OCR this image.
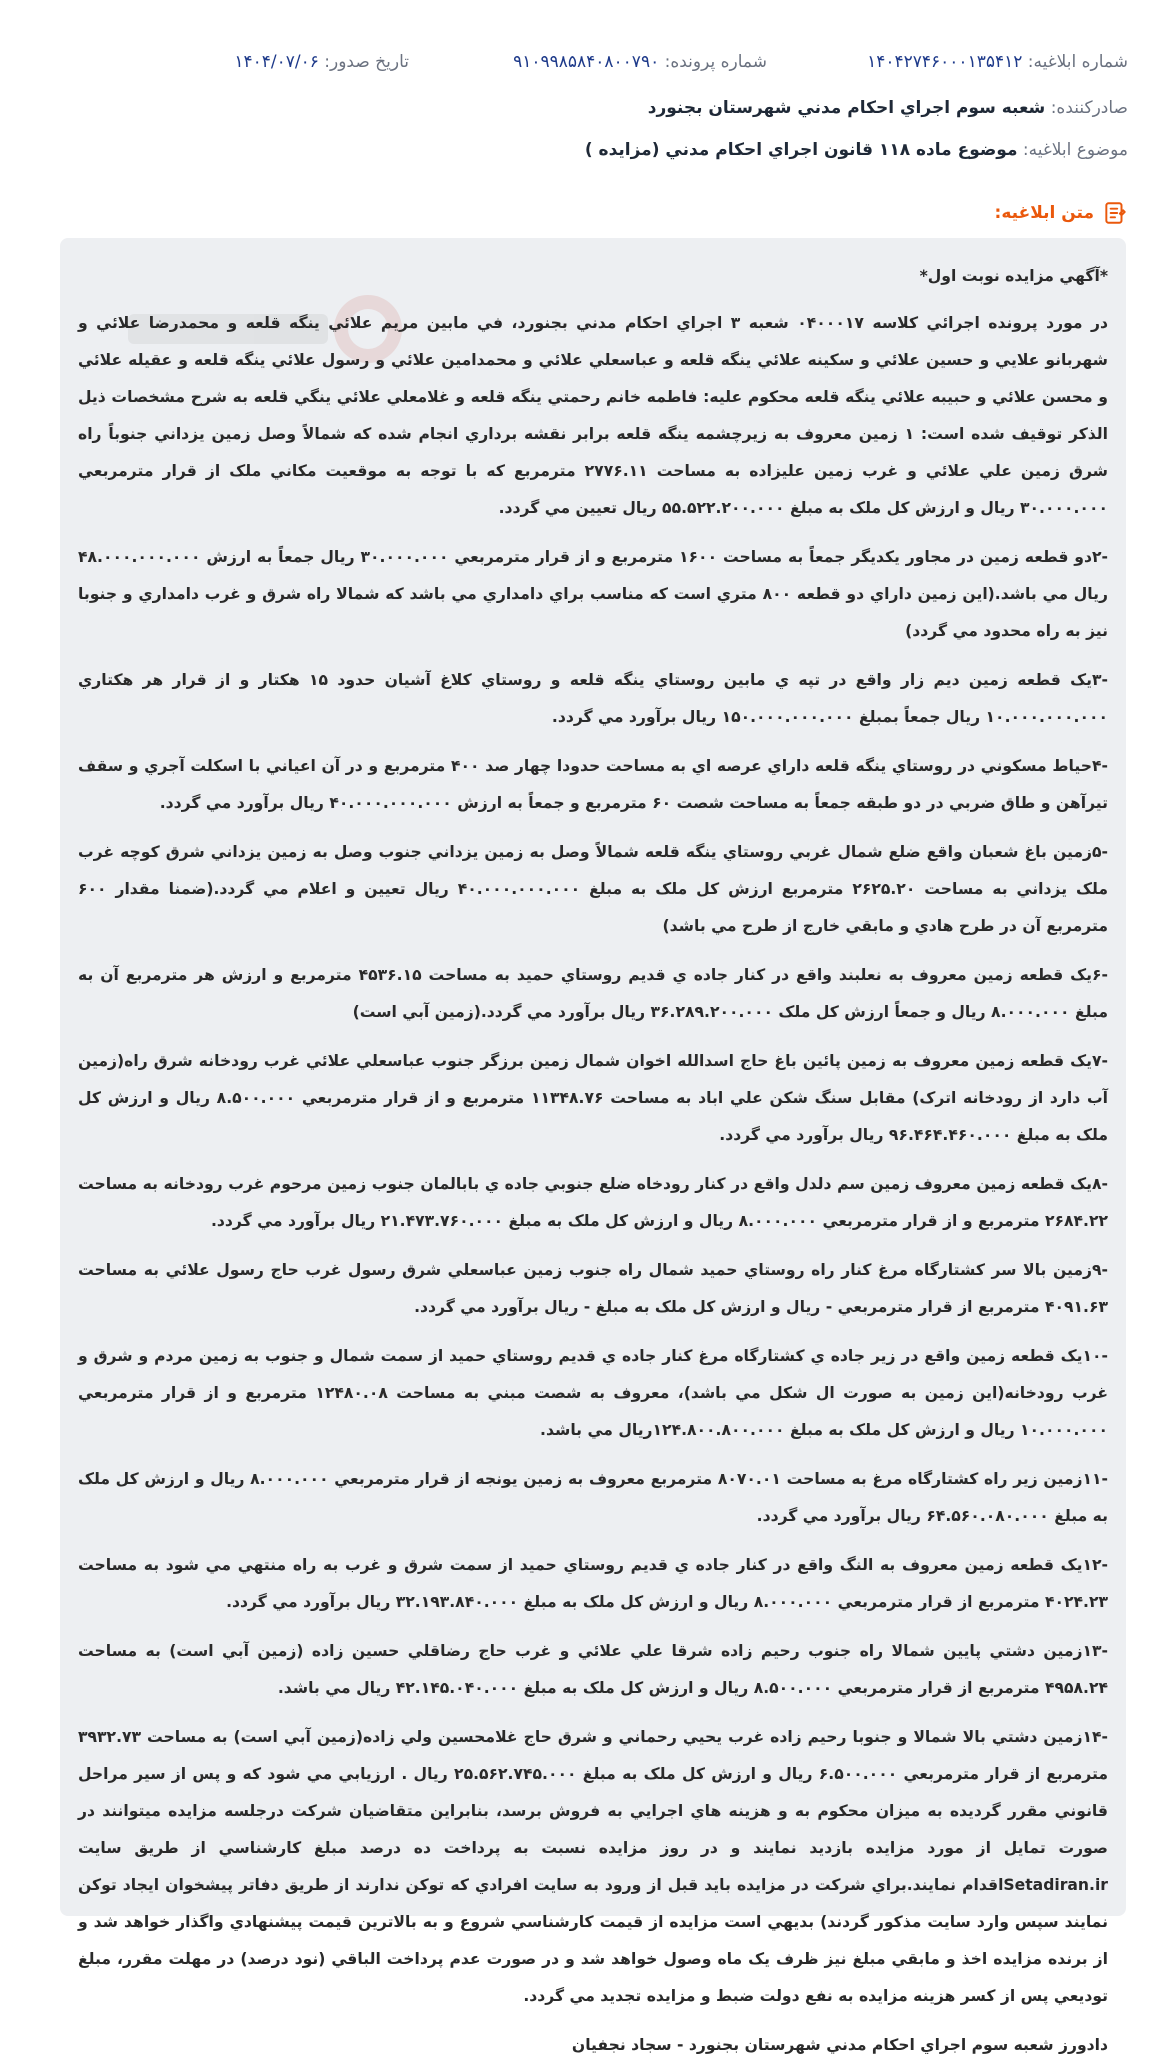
شماره ابلاغيه: ۱۴۰۴۲۷۴۶۰۰۰۱۳۵۴۱۲
شماره پرونده: ۹۱۰۹۹۸۵۸۴۰۸۰۰۷۹۰
تاريخ صدور: ۱۴۰۴/۰۷/۰۶
صادرکننده: شعبه سوم اجراي احکام مدني شهرستان بجنورد
موضوع ابلاغيه: موضوع ماده ۱۱۸ قانون اجراي احکام مدني (مزايده )
متن ابلاغيه:

*آگهي مزايده نوبت اول*

در مورد پرونده اجرائي کلاسه ۰۴۰۰۰۱۷ شعبه ۳ اجراي احکام مدني بجنورد، في مابين مريم علائي ينگه قلعه و محمدرضا علائي و شهربانو علايي و حسين علائي و سکينه علائي ينگه قلعه و عباسعلي علائي و محمدامين علائي و رسول علائي ينگه قلعه و عقيله علائي و محسن علائي و حبيبه علائي ينگه قلعه محکوم عليه: فاطمه خانم رحمتي ينگه قلعه و غلامعلي علائي ينگي قلعه به شرح مشخصات ذيل الذکر توقيف شده است: ۱ زمين معروف به زيرچشمه ينگه قلعه برابر نقشه برداري انجام شده که شمالاً وصل زمين يزداني جنوباً راه شرق زمين علي علائي و غرب زمين عليزاده به مساحت ۲۷۷۶.۱۱ مترمربع که با توجه به موقعيت مکاني ملک از قرار مترمربعي ۳۰.۰۰۰.۰۰۰ ريال و ارزش کل ملک به مبلغ ۵۵.۵۲۲.۲۰۰.۰۰۰ ريال تعيين مي گردد.

-۲دو قطعه زمين در مجاور يکديگر جمعاً به مساحت ۱۶۰۰ مترمربع و از قرار مترمربعي ۳۰.۰۰۰.۰۰۰ ريال جمعاً به ارزش ۴۸.۰۰۰.۰۰۰.۰۰۰ ريال مي باشد.(اين زمين داراي دو قطعه ۸۰۰ متري است که مناسب براي دامداري مي باشد که شمالا راه شرق و غرب دامداري و جنوبا نيز به راه محدود مي گردد)

-۳يک قطعه زمين ديم زار واقع در تپه ي مابين روستاي ينگه قلعه و روستاي کلاغ آشيان حدود ۱۵ هکتار و از قرار هر هکتاري ۱۰.۰۰۰.۰۰۰.۰۰۰ ريال جمعاً بمبلغ ۱۵۰.۰۰۰.۰۰۰.۰۰۰ ريال برآورد مي گردد.

-۴حياط مسکوني در روستاي ينگه قلعه داراي عرصه اي به مساحت حدودا چهار صد ۴۰۰ مترمربع و در آن اعياني با اسکلت آجري و سقف تيرآهن و طاق ضربي در دو طبقه جمعاً به مساحت شصت ۶۰ مترمربع و جمعاً به ارزش ۴۰.۰۰۰.۰۰۰.۰۰۰ ريال برآورد مي گردد.

-۵زمين باغ شعبان واقع ضلع شمال غربي روستاي ينگه قلعه شمالاً وصل به زمين يزداني جنوب وصل به زمين يزداني شرق کوچه غرب ملک يزداني به مساحت ۲۶۲۵.۲۰ مترمربع ارزش کل ملک به مبلغ ۴۰.۰۰۰.۰۰۰.۰۰۰ ريال تعيين و اعلام مي گردد.(ضمنا مقدار ۶۰۰ مترمربع آن در طرح هادي و مابقي خارج از طرح مي باشد)

-۶يک قطعه زمين معروف به نعلبند واقع در کنار جاده ي قديم روستاي حميد به مساحت ۴۵۳۶.۱۵ مترمربع و ارزش هر مترمربع آن به مبلغ ۸.۰۰۰.۰۰۰ ريال و جمعاً ارزش کل ملک ۳۶.۲۸۹.۲۰۰.۰۰۰ ريال برآورد مي گردد.(زمين آبي است)

-۷يک قطعه زمين معروف به زمين پائين باغ حاج اسدالله اخوان شمال زمين برزگر جنوب عباسعلي علائي غرب رودخانه شرق راه(زمين آب دارد از رودخانه اترک) مقابل سنگ شکن علي اباد به مساحت ۱۱۳۴۸.۷۶ مترمربع و از قرار مترمربعي ۸.۵۰۰.۰۰۰ ريال و ارزش کل ملک به مبلغ ۹۶.۴۶۴.۴۶۰.۰۰۰ ريال برآورد مي گردد.

-۸يک قطعه زمين معروف زمين سم دلدل واقع در کنار رودخاه ضلع جنوبي جاده ي بابالمان جنوب زمين مرحوم غرب رودخانه به مساحت ۲۶۸۴.۲۲ مترمربع و از قرار مترمربعي ۸.۰۰۰.۰۰۰ ريال و ارزش کل ملک به مبلغ ۲۱.۴۷۳.۷۶۰.۰۰۰ ريال برآورد مي گردد.

-۹زمين بالا سر کشتارگاه مرغ کنار راه روستاي حميد شمال راه جنوب زمين عباسعلي شرق رسول غرب حاج رسول علائي به مساحت ۴۰۹۱.۶۳ مترمربع از قرار مترمربعي - ريال و ارزش کل ملک به مبلغ - ريال برآورد مي گردد.

-۱۰يک قطعه زمين واقع در زير جاده ي کشتارگاه مرغ کنار جاده ي قديم روستاي حميد از سمت شمال و جنوب به زمين مردم و شرق و غرب رودخانه(اين زمين به صورت ال شکل مي باشد)، معروف به شصت مبني به مساحت ۱۲۴۸۰.۰۸ مترمربع و از قرار مترمربعي ۱۰.۰۰۰.۰۰۰ ريال و ارزش کل ملک به مبلغ ۱۲۴.۸۰۰.۸۰۰.۰۰۰ريال مي باشد.

-۱۱زمين زير راه کشتارگاه مرغ به مساحت ۸۰۷۰.۰۱ مترمربع معروف به زمين يونجه از قرار مترمربعي ۸.۰۰۰.۰۰۰ ريال و ارزش کل ملک به مبلغ ۶۴.۵۶۰.۰۸۰.۰۰۰ ريال برآورد مي گردد.

-۱۲يک قطعه زمين معروف به النگ واقع در کنار جاده ي قديم روستاي حميد از سمت شرق و غرب به راه منتهي مي شود به مساحت ۴۰۲۴.۲۳ مترمربع از قرار مترمربعي ۸.۰۰۰.۰۰۰ ريال و ارزش کل ملک به مبلغ ۳۲.۱۹۳.۸۴۰.۰۰۰ ريال برآورد مي گردد.

-۱۳زمين دشتي پايين شمالا راه جنوب رحيم زاده شرقا علي علائي و غرب حاج رضاقلي حسين زاده (زمين آبي است) به مساحت ۴۹۵۸.۲۴ مترمربع از قرار مترمربعي ۸.۵۰۰.۰۰۰ ريال و ارزش کل ملک به مبلغ ۴۲.۱۴۵.۰۴۰.۰۰۰ ريال مي باشد.

-۱۴زمين دشتي بالا شمالا و جنوبا رحيم زاده غرب يحيي رحماني و شرق حاج غلامحسين ولي زاده(زمين آبي است) به مساحت ۳۹۳۲.۷۳ مترمربع از قرار مترمربعي ۶.۵۰۰.۰۰۰ ريال و ارزش کل ملک به مبلغ ۲۵.۵۶۲.۷۴۵.۰۰۰ ريال . ارزيابي مي شود که و پس از سير مراحل قانوني مقرر گرديده به ميزان محکوم به و هزينه هاي اجرايي به فروش برسد، بنابراين متقاضيان شرکت درجلسه مزايده ميتوانند در صورت تمايل از مورد مزايده بازديد نمايند و در روز مزايده نسبت به پرداخت ده درصد مبلغ کارشناسي از طريق سايت Setadiran.irاقدام نمايند.براي شرکت در مزايده بايد قبل از ورود به سايت افرادي که توکن ندارند از طريق دفاتر پيشخوان ايجاد توکن نمايند سپس وارد سايت مذکور گردند) بديهي است مزايده از قيمت کارشناسي شروع و به بالاترين قيمت پيشنهادي واگذار خواهد شد و از برنده مزايده اخذ و مابقي مبلغ نيز ظرف يک ماه وصول خواهد شد و در صورت عدم پرداخت الباقي (نود درصد) در مهلت مقرر، مبلغ توديعي پس از کسر هزينه مزايده به نفع دولت ضبط و مزايده تجديد مي گردد.

دادورز شعبه سوم اجراي احکام مدني شهرستان بجنورد - سجاد نجفيان
